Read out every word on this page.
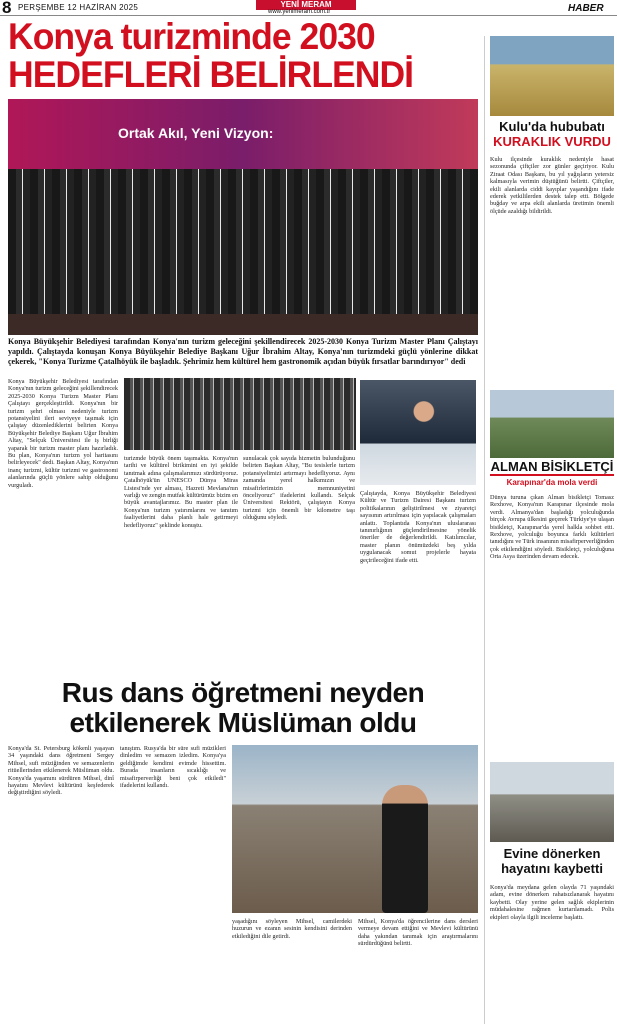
8 PERŞEMBE 12 HAZİRAN 2025	YENİ MERAM
www.yenimeram.com.tr	HABER
Konya turizminde 2030 HEDEFLERİ BELİRLENDİ
Ortak Akıl, Yeni Vizyon:
Konya Büyükşehir Belediyesi tarafından Konya'nın turizm geleceğini şekillendirecek 2025-2030 Konya Turizm Master Planı Çalıştayı yapıldı. Çalıştayda konuşan Konya Büyükşehir Belediye Başkanı Uğur İbrahim Altay, Konya'nın turizmdeki güçlü yönlerine dikkat çekerek, "Konya Turizme Çatalhöyük ile başladık. Şehrimiz hem kültürel hem gastronomik açıdan büyük fırsatlar barındırıyor" dedi
Konya Büyükşehir Belediyesi tarafından Konya'nın turizm geleceğini şekillendirecek 2025-2030 Konya Turizm Master Planı Çalıştayı gerçekleştirildi. Konya'nın bir turizm şehri olması nedeniyle turizm potansiyelini ileri seviyeye taşımak için çalıştay düzenlediklerini belirten Konya Büyükşehir Belediye Başkanı Uğur İbrahim Altay, "Selçuk Üniversitesi ile iş birliği yaparak bir turizm master planı hazırladık. Bu plan, Konya'nın turizm yol haritasını belirleyecek" dedi. Başkan Altay, Konya'nın inanç turizmi, kültür turizmi ve gastronomi alanlarında güçlü yönlere sahip olduğunu vurguladı.
turizmde büyük önem taşımakta. Konya'nın tarihi ve kültürel birikimini en iyi şekilde tanıtmak adına çalışmalarımızı sürdürüyoruz. Çatalhöyük'ün UNESCO Dünya Miras Listesi'nde yer alması, Hazreti Mevlana'nın varlığı ve zengin mutfak kültürümüz bizim en büyük avantajlarımız. Bu master plan ile Konya'nın turizm yatırımlarını ve tanıtım faaliyetlerini daha planlı hale getirmeyi hedefliyoruz" şeklinde konuştu.
sunulacak çok sayıda hizmetin bulunduğunu belirten Başkan Altay, "Bu tesislerle turizm potansiyelimizi artırmayı hedefliyoruz. Aynı zamanda yerel halkımızın ve misafirlerimizin memnuniyetini önceliyoruz" ifadelerini kullandı. Selçuk Üniversitesi Rektörü, çalıştayın Konya turizmi için önemli bir kilometre taşı olduğunu söyledi.
Çalıştayda, Konya Büyükşehir Belediyesi Kültür ve Turizm Dairesi Başkanı turizm politikalarının geliştirilmesi ve ziyaretçi sayısının artırılması için yapılacak çalışmaları anlattı. Toplantıda Konya'nın uluslararası tanınırlığının güçlendirilmesine yönelik öneriler de değerlendirildi. Katılımcılar, master planın önümüzdeki beş yılda uygulanacak somut projelerle hayata geçirileceğini ifade etti.
Rus dans öğretmeni neyden etkilenerek Müslüman oldu
Konya'da St. Petersburg kökenli yaşayan 34 yaşındaki dans öğretmeni Sergey Mihsel, sufi müziğinden ve semazenlerin ritüellerinden etkilenerek Müslüman oldu. Konya'da yaşamını sürdüren Mihsel, dinî hayatını Mevlevi kültürünü keşfederek değiştirdiğini söyledi.
tanıştım. Rusya'da bir süre sufi müzikleri dinledim ve semazen izledim. Konya'ya geldiğimde kendimi evimde hissettim. Burada insanların sıcaklığı ve misafirperverliği beni çok etkiledi" ifadelerini kullandı.
yaşadığını söyleyen Mihsel, camilerdeki huzurun ve ezanın sesinin kendisini derinden etkilediğini dile getirdi.
Mihsel, Konya'da öğrencilerine dans dersleri vermeye devam ettiğini ve Mevlevi kültürünü daha yakından tanımak için araştırmalarını sürdürdüğünü belirtti.
Kulu'da hububatı
KURAKLIK VURDU
Kulu ilçesinde kuraklık nedeniyle hasat sezonunda çiftçiler zor günler geçiriyor. Kulu Ziraat Odası Başkanı, bu yıl yağışların yetersiz kalmasıyla verimin düştüğünü belirtti. Çiftçiler, ekili alanlarda ciddi kayıplar yaşandığını ifade ederek yetkililerden destek talep etti. Bölgede buğday ve arpa ekili alanlarda üretimin önemli ölçüde azaldığı bildirildi.
ALMAN BİSİKLETÇİ
Karapınar'da mola verdi
Dünya turuna çıkan Alman bisikletçi Tomasz Rexhove, Konya'nın Karapınar ilçesinde mola verdi. Almanya'dan başladığı yolculuğunda birçok Avrupa ülkesini geçerek Türkiye'ye ulaşan bisikletçi, Karapınar'da yerel halkla sohbet etti. Rexhove, yolculuğu boyunca farklı kültürleri tanıdığını ve Türk insanının misafirperverliğinden çok etkilendiğini söyledi. Bisikletçi, yolculuğuna Orta Asya üzerinden devam edecek.
Evine dönerken hayatını kaybetti
Konya'da meydana gelen olayda 71 yaşındaki adam, evine dönerken rahatsızlanarak hayatını kaybetti. Olay yerine gelen sağlık ekiplerinin müdahalesine rağmen kurtarılamadı. Polis ekipleri olayla ilgili inceleme başlattı.
